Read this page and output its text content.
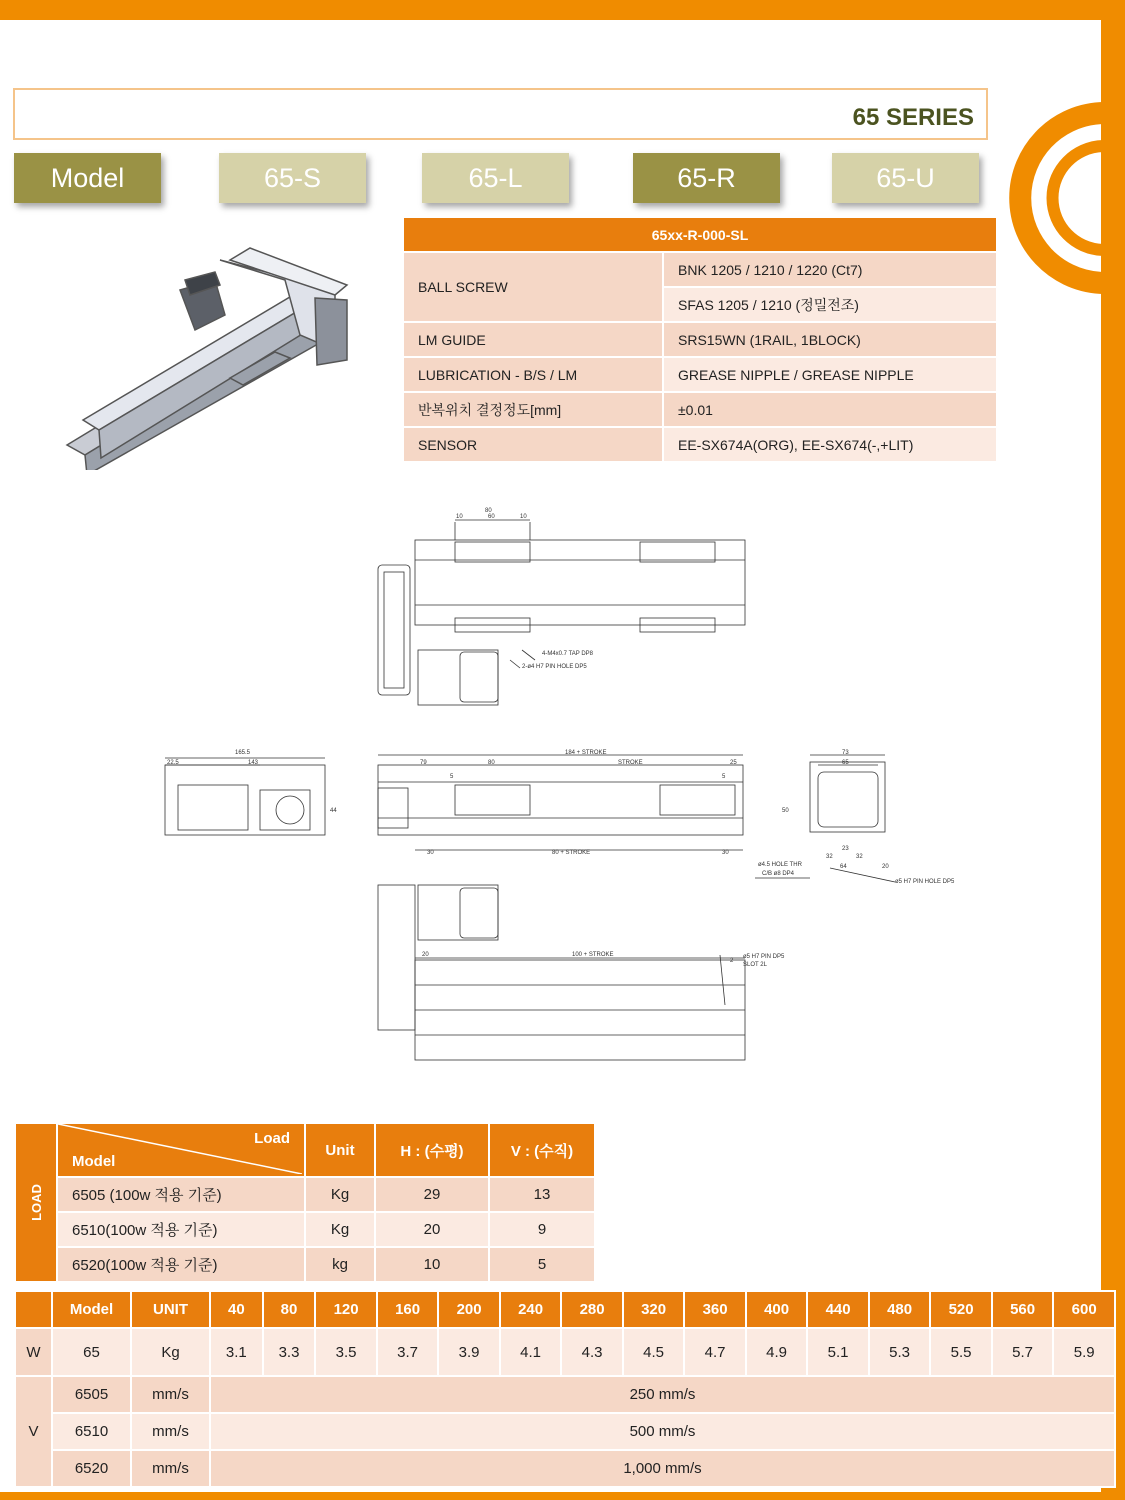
65 SERIES
Model	65-S	65-L	65-R	65-U
65xx-R-000-SL	
BALL SCREW	BNK 1205 / 1210 / 1220 (Ct7)
	SFAS 1205 / 1210 (정밀전조)
LM GUIDE	SRS15WN (1RAIL, 1BLOCK)
LUBRICATION - B/S / LM	GREASE NIPPLE / GREASE NIPPLE
반복위치 결정정도[mm]	±0.01
SENSOR	EE-SX674A(ORG), EE-SX674(-,+LIT)
80
10	60	10
4-M4x0.7 TAP DP8
2-ø4 H7 PIN HOLE DP5
165.5
22.5	143
44
184 + STROKE
79	80	STROKE	25
5	5
30	80 + STROKE	30
73
65
50
23
32	32
64	20
ø4.5 HOLE THR
C/B ø8 DP4
ø5 H7 PIN HOLE DP5
20	100 + STROKE	ø5 H7 PIN DP5
SLOT 2L
2
LOAD	Load
Model	Unit	H : (수평)	V : (수직)
	6505 (100w 적용 기준)	Kg	29	13
	6510(100w 적용 기준)	Kg	20	9
	6520(100w 적용 기준)	kg	10	5
	Model	UNIT	40	80	120	160	200	240	280	320	360	400	440	480	520	560	600
W	65	Kg	3.1	3.3	3.5	3.7	3.9	4.1	4.3	4.5	4.7	4.9	5.1	5.3	5.5	5.7	5.9
V	6505	mm/s	250 mm/s														
	6510	mm/s	500 mm/s														
	6520	mm/s	1,000 mm/s														
